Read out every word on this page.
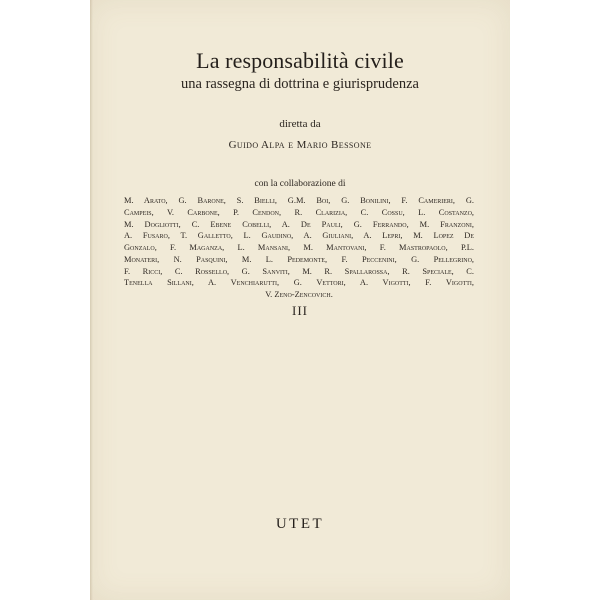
La responsabilità civile
una rassegna di dottrina e giurisprudenza
diretta da
Guido Alpa e Mario Bessone
con la collaborazione di
M. Arato, G. Barone, S. Bielli, G.M. Boi, G. Bonilini, F. Camerieri, G.
Campeis, V. Carbone, P. Cendon, R. Clarizia, C. Cossu, L. Costanzo,
M. Dogliotti, C. Ebene Cobelli, A. De Pauli, G. Ferrando, M. Franzoni,
A. Fusaro, T. Galletto, L. Gaudino, A. Giuliani, A. Lepri, M. Lopez De
Gonzalo, F. Maganza, L. Mansani, M. Mantovani, F. Mastropaolo, P.L.
Monateri, N. Pasquini, M. L. Pedemonte, F. Peccenini, G. Pellegrino,
F. Ricci, C. Rossello, G. Sanviti, M. R. Spallarossa, R. Speciale, C.
Tenella Sillani, A. Venchiarutti, G. Vettori, A. Vigotti, F. Vigotti,
V. Zeno-Zencovich.
III
UTET
